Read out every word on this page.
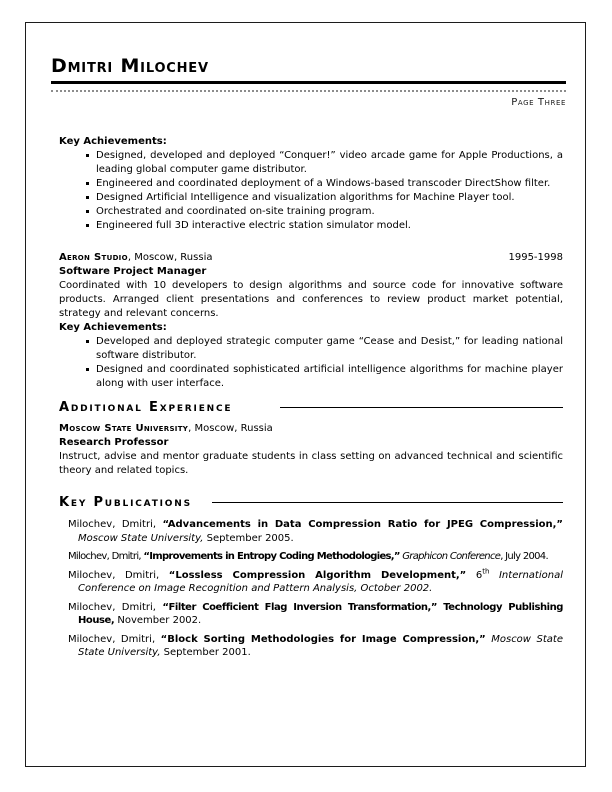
Dmitri Milochev
Page Three
Key Achievements:
Designed, developed and deployed “Conquer!” video arcade game for Apple Productions, a leading global computer game distributor.
Engineered and coordinated deployment of a Windows-based transcoder DirectShow filter.
Designed Artificial Intelligence and visualization algorithms for Machine Player tool.
Orchestrated and coordinated on-site training program.
Engineered full 3D interactive electric station simulator model.
Aeron Studio, Moscow, Russia	1995-1998
Software Project Manager
Coordinated with 10 developers to design algorithms and source code for innovative software products. Arranged client presentations and conferences to review product market potential, strategy and relevant concerns.
Key Achievements:
Developed and deployed strategic computer game “Cease and Desist,” for leading national software distributor.
Designed and coordinated sophisticated artificial intelligence algorithms for machine player along with user interface.
Additional Experience
Moscow State University, Moscow, Russia
Research Professor
Instruct, advise and mentor graduate students in class setting on advanced technical and scientific theory and related topics.
Key Publications
Milochev, Dmitri, “Advancements in Data Compression Ratio for JPEG Compression,” Moscow State University, September 2005.
Milochev, Dmitri, “Improvements in Entropy Coding Methodologies,” Graphicon Conference, July 2004.
Milochev, Dmitri, “Lossless Compression Algorithm Development,” 6th International Conference on Image Recognition and Pattern Analysis, October 2002.
Milochev, Dmitri, “Filter Coefficient Flag Inversion Transformation,” Technology Publishing House, November 2002.
Milochev, Dmitri, “Block Sorting Methodologies for Image Compression,” Moscow State State University, September 2001.
